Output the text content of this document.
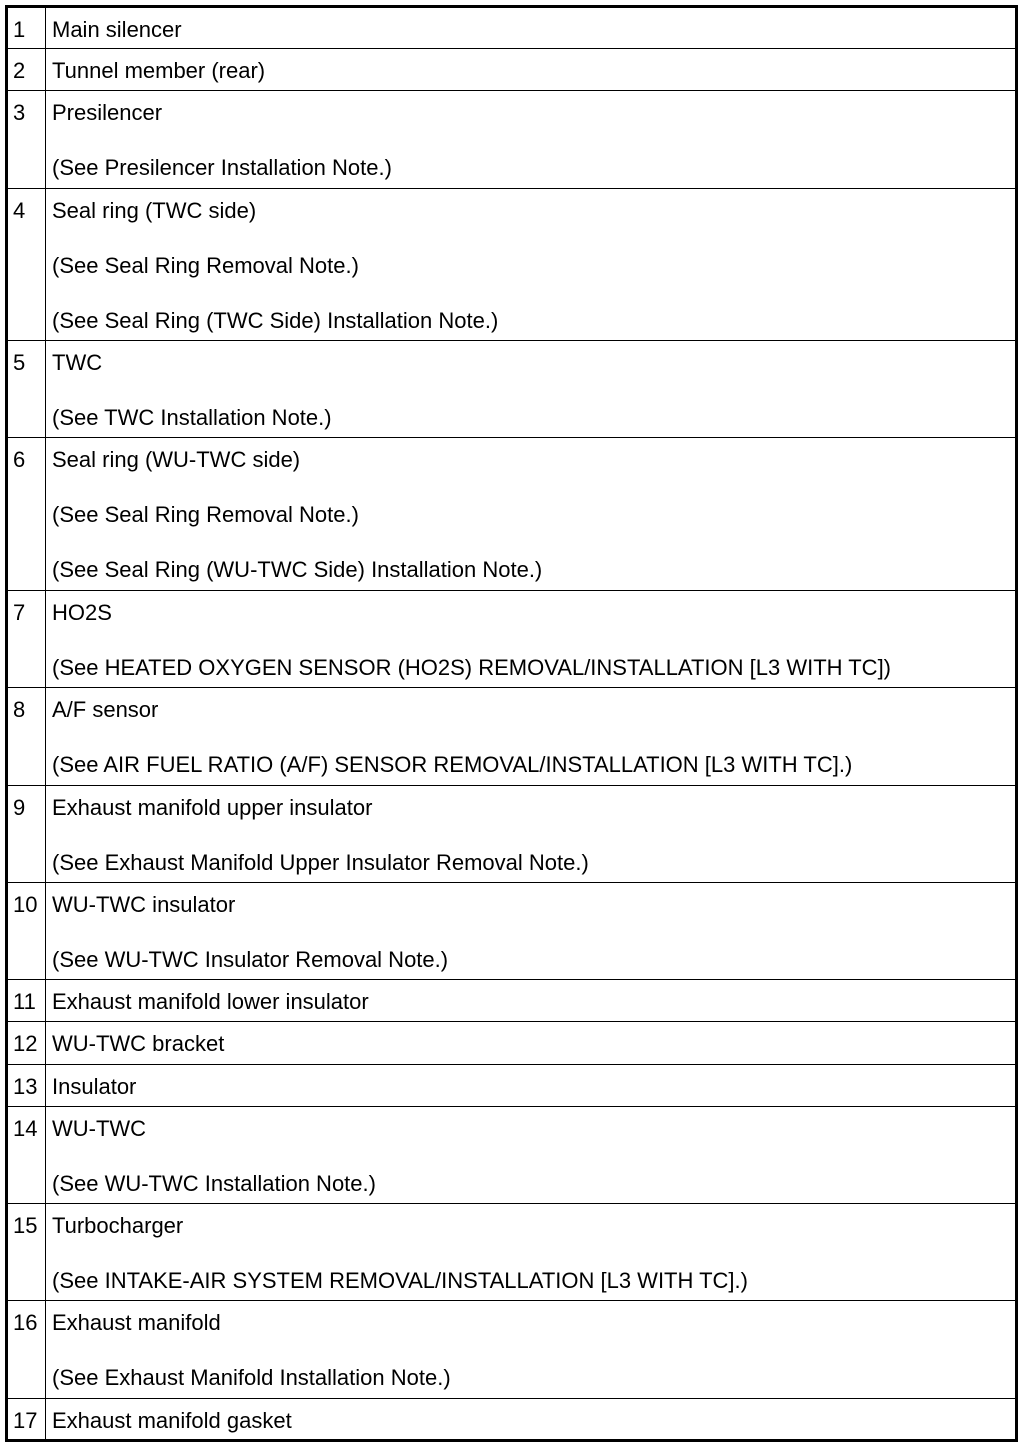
1	Main silencer

2	Tunnel member (rear)

3	Presilencer
(See Presilencer Installation Note.)

4	Seal ring (TWC side)
(See Seal Ring Removal Note.)
(See Seal Ring (TWC Side) Installation Note.)

5	TWC
(See TWC Installation Note.)

6	Seal ring (WU-TWC side)
(See Seal Ring Removal Note.)
(See Seal Ring (WU-TWC Side) Installation Note.)

7	HO2S
(See HEATED OXYGEN SENSOR (HO2S) REMOVAL/INSTALLATION [L3 WITH TC])

8	A/F sensor
(See AIR FUEL RATIO (A/F) SENSOR REMOVAL/INSTALLATION [L3 WITH TC].)

9	Exhaust manifold upper insulator
(See Exhaust Manifold Upper Insulator Removal Note.)

10	WU-TWC insulator
(See WU-TWC Insulator Removal Note.)

11	Exhaust manifold lower insulator

12	WU-TWC bracket

13	Insulator

14	WU-TWC
(See WU-TWC Installation Note.)

15	Turbocharger
(See INTAKE-AIR SYSTEM REMOVAL/INSTALLATION [L3 WITH TC].)

16	Exhaust manifold
(See Exhaust Manifold Installation Note.)

17	Exhaust manifold gasket
